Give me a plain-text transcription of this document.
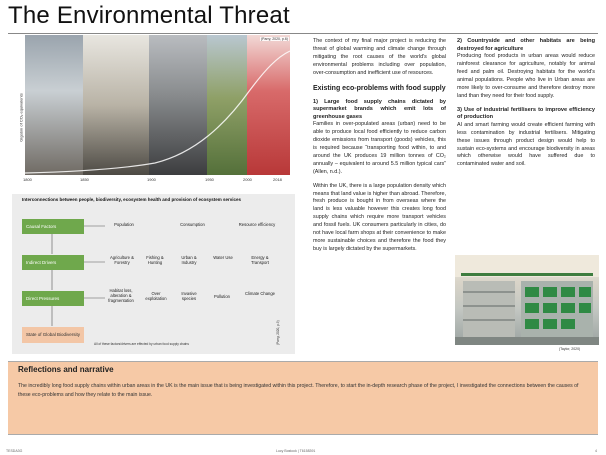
The Environmental Threat
Gigaton of CO₂ equivalents
1800	1850	1900	1950	2000	2018
(Parry, 2020, p.6)
Interconnections between people, biodiversity, ecosystem health and provision of ecosystem services
Causal Factors
Indirect Drivers
Direct Pressures
State of Global Biodiversity
Population	Consumption	Resource efficiency
Agriculture & Forestry
Fishing & Hunting
Urban & Industry
Water Use	Energy & Transport
Habitat loss, alteration & fragmentation
Over exploitation
Invasive species	Pollution
Climate Change
All of these factors/drivers are effected by urban food supply chains	(Parry, 2020, p.9)

The context of my final major project is reducing the threat of global warming and climate change through mitigating the root causes of the world's global environmental problems including over population, over-consumption and inefficient use of resources.

Existing eco-problems with food supply
1) Large food supply chains dictated by supermarket brands which emit lots of greenhouse gases

Families in over-populated areas (urban) need to be able to produce local food efficiently to reduce carbon dioxide emissions from transport (goods) vehicles, this is required because “transporting food within, to and around the UK produces 19 million tonnes of CO₂ annually – equivalent to around 5.5 million typical cars” (Allen, n.d.).

Within the UK, there is a large population density which means that land value is higher than abroad. Therefore, fresh produce is bought in from overseas where the land is less valuable however this creates long food supply chains which require more transport vehicles and fossil fuels. UK consumers particularly in cities, do not have local farm shops at their convenience to make more sustainable choices and therefore the food they buy is largely dictated by the supermarkets.

2) Countryside and other habitats are being destroyed for agriculture

Producing food products in urban areas would reduce rainforest clearance for agriculture, notably for animal feed and palm oil. Destroying habitats for the world's animal populations. People who live in Urban areas are more likely to over-consume and therefore destroy more land than they need for their food supply.

3) Use of industrial fertilisers to improve efficiency of production

AI and smart farming would create efficient farming with less contamination by industrial fertilisers. Mitigating these issues through product design would help to sustain eco-systems and encourage biodiversity in areas which otherwise would have suffered due to contaminated water and soil.

(Taylor, 2020)
Reflections and narrative

The incredibly long food supply chains within urban areas in the UK is the main issue that is being investigated within this project. Therefore, to start the in-depth research phase of the project, I investigated the connections between the causes of these eco-problems and how they relate to the main issue.

TESDA3G	Lucy Bostock | T6158391	4
